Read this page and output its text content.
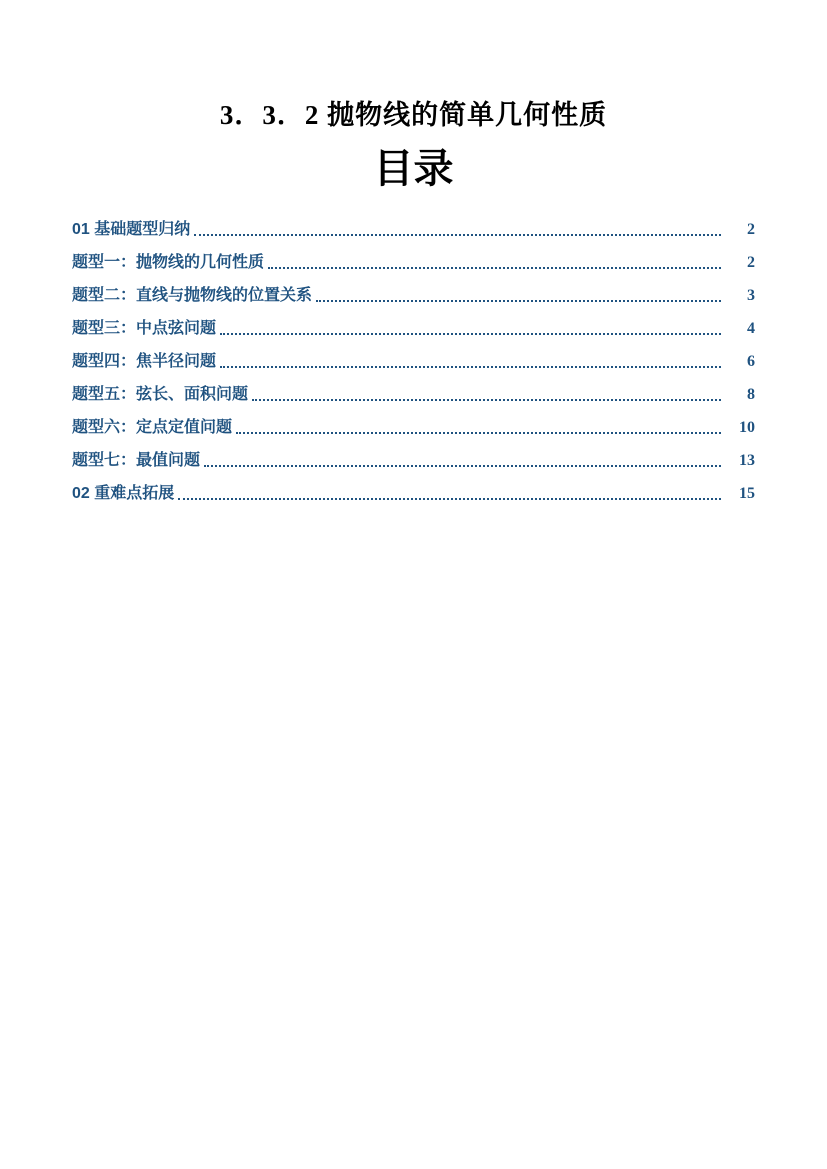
3．3．2 抛物线的简单几何性质
目录
01 基础题型归纳	2
题型一：抛物线的几何性质	2
题型二：直线与抛物线的位置关系	3
题型三：中点弦问题	4
题型四：焦半径问题	6
题型五：弦长、面积问题	8
题型六：定点定值问题	10
题型七：最值问题	13
02 重难点拓展	15
